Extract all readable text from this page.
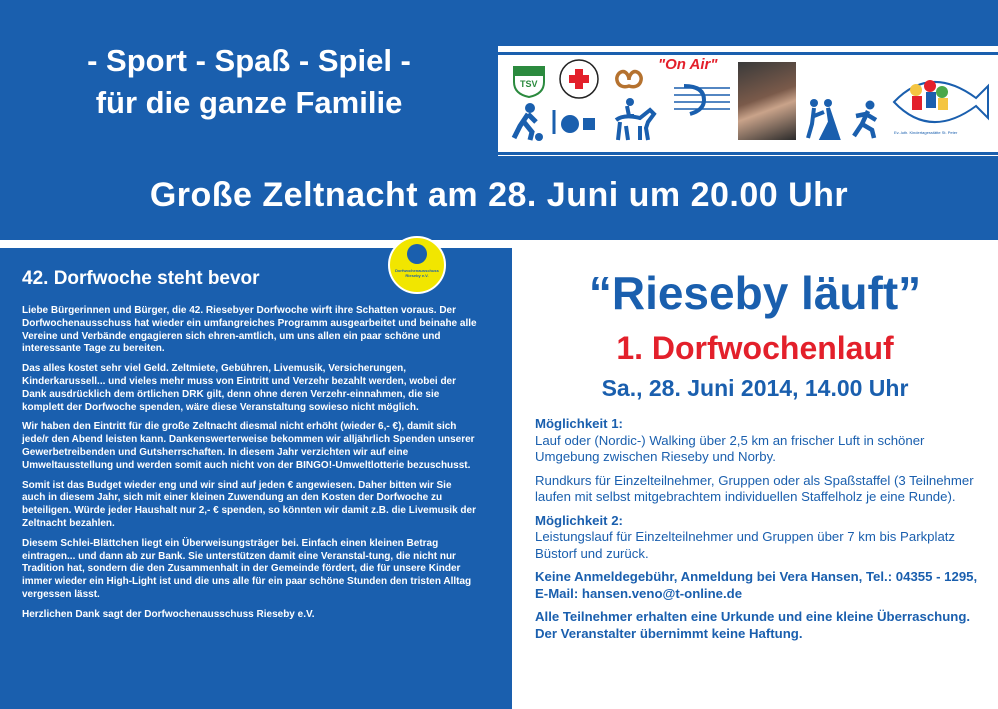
- Sport - Spaß - Spiel -
für die ganze Familie
TSV
"On Air"
Ev.-luth. Kindertagesstätte St. Peter
Große Zeltnacht am 28. Juni um 20.00 Uhr
Dorfwochenausschuss Rieseby e.V.
42. Dorfwoche steht bevor

Liebe Bürgerinnen und Bürger, die 42. Riesebyer Dorfwoche wirft ihre Schatten voraus. Der Dorfwochenausschuss hat wieder ein umfangreiches Programm ausgearbeitet und beinahe alle Vereine und Verbände engagieren sich ehren-amtlich, um uns allen ein paar schöne und interessante Tage zu bereiten.

Das alles kostet sehr viel Geld. Zeltmiete, Gebühren, Livemusik, Versicherungen, Kinderkarussell... und vieles mehr muss von Eintritt und Verzehr bezahlt werden, wobei der Dank ausdrücklich dem örtlichen DRK gilt, denn ohne deren Verzehr-einnahmen, die sie komplett der Dorfwoche spenden, wäre diese Veranstaltung sowieso nicht möglich.

Wir haben den Eintritt für die große Zeltnacht diesmal nicht erhöht (wieder 6,- €), damit sich jede/r den Abend leisten kann. Dankenswerterweise bekommen wir alljährlich Spenden unserer Gewerbetreibenden und Gutsherrschaften. In diesem Jahr verzichten wir auf eine Umweltausstellung und werden somit auch nicht von der BINGO!-Umweltlotterie bezuschusst.

Somit ist das Budget wieder eng und wir sind auf jeden € angewiesen. Daher bitten wir Sie auch in diesem Jahr, sich mit einer kleinen Zuwendung an den Kosten der Dorfwoche zu beteiligen. Würde jeder Haushalt nur 2,- € spenden, so könnten wir damit z.B. die Livemusik der Zeltnacht bezahlen.

Diesem Schlei-Blättchen liegt ein Überweisungsträger bei. Einfach einen kleinen Betrag eintragen... und dann ab zur Bank. Sie unterstützen damit eine Veranstal-tung, die nicht nur Tradition hat, sondern die den Zusammenhalt in der Gemeinde fördert, die für unsere Kinder immer wieder ein High-Light ist und die uns alle für ein paar schöne Stunden den tristen Alltag vergessen lässt.

Herzlichen Dank sagt der Dorfwochenausschuss Rieseby e.V.

“Rieseby läuft”
1. Dorfwochenlauf
Sa., 28. Juni 2014, 14.00 Uhr
Möglichkeit 1:

Lauf oder (Nordic-) Walking über 2,5 km an frischer Luft in schöner Umgebung zwischen Rieseby und Norby.

Rundkurs für Einzelteilnehmer, Gruppen oder als Spaßstaffel (3 Teilnehmer laufen mit selbst mitgebrachtem individuellen Staffelholz je eine Runde).

Möglichkeit 2:

Leistungslauf für Einzelteilnehmer und Gruppen über 7 km bis Parkplatz Büstorf und zurück.

Keine Anmeldegebühr, Anmeldung bei Vera Hansen, Tel.: 04355 - 1295, E-Mail: hansen.veno@t-online.de

Alle Teilnehmer erhalten eine Urkunde und eine kleine Überraschung. Der Veranstalter übernimmt keine Haftung.
